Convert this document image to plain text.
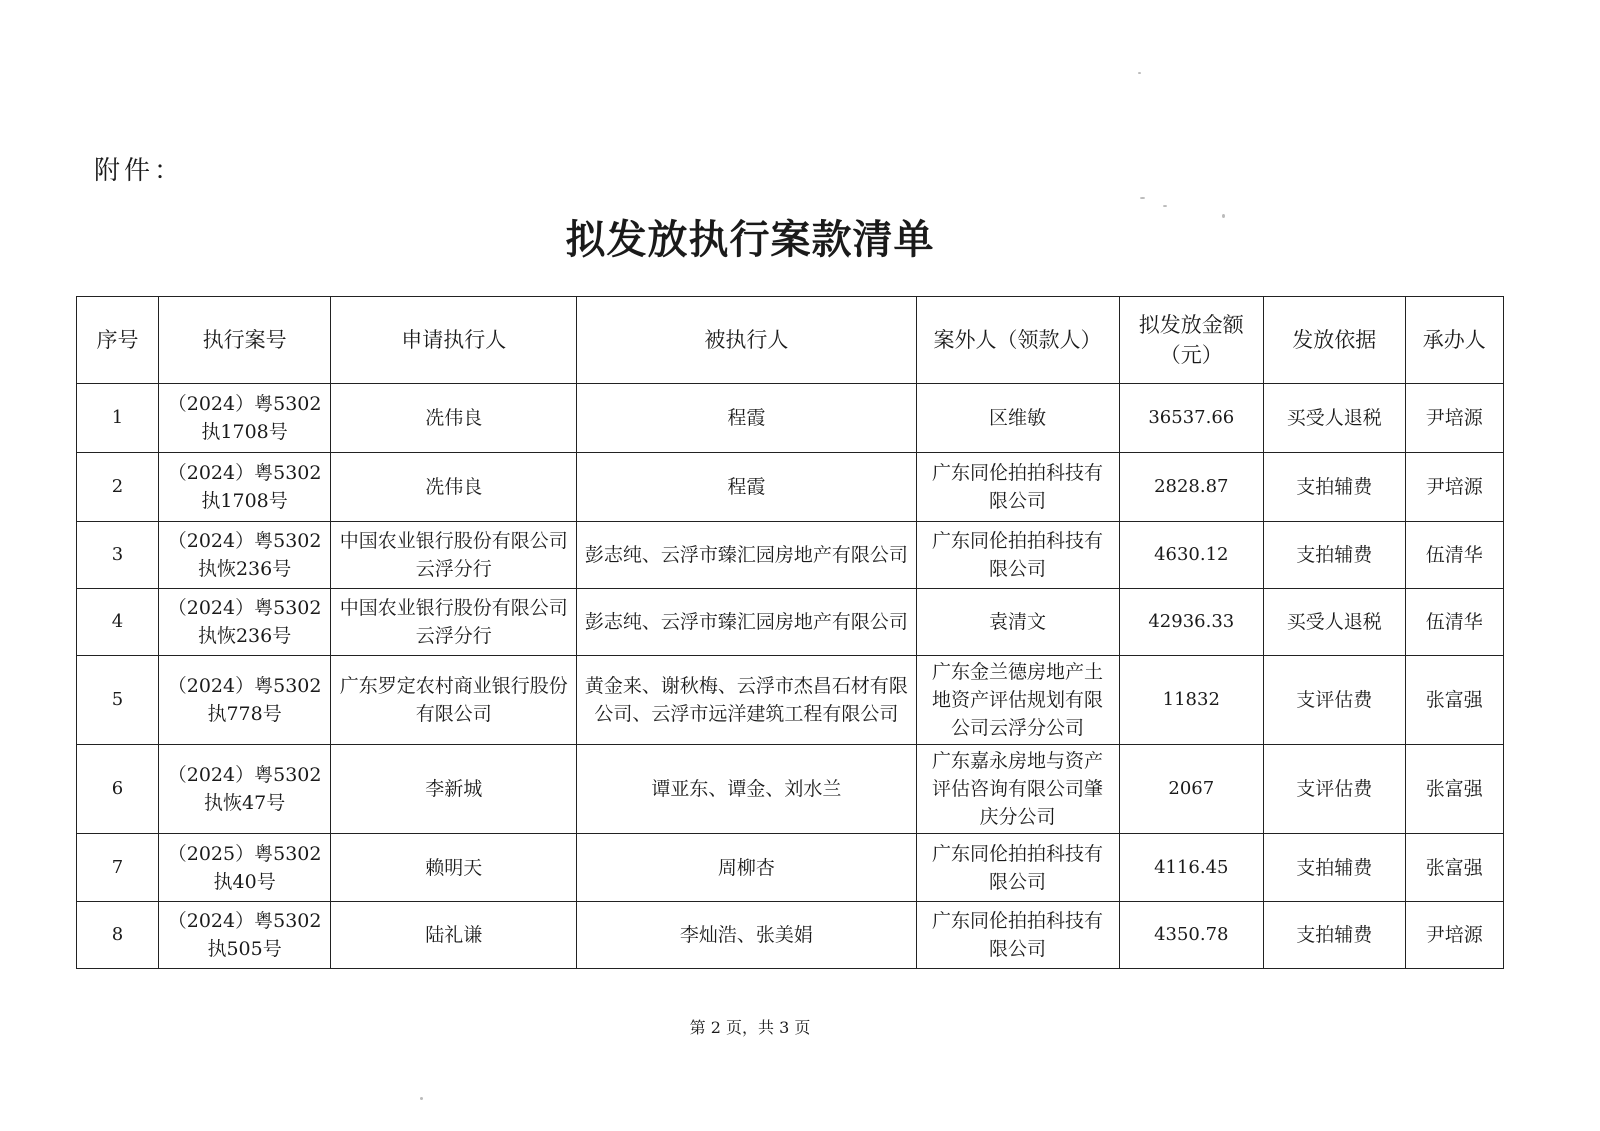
附件：
拟发放执行案款清单
序号	执行案号	申请执行人	被执行人	案外人（领款人）	拟发放金额（元）	发放依据	承办人
1	（2024）粤5302执1708号	冼伟良	程霞	区维敏	36537.66	买受人退税	尹培源
2	（2024）粤5302执1708号	冼伟良	程霞	广东同伦拍拍科技有限公司	2828.87	支拍辅费	尹培源
3	（2024）粤5302执恢236号	中国农业银行股份有限公司云浮分行	彭志纯、云浮市臻汇园房地产有限公司	广东同伦拍拍科技有限公司	4630.12	支拍辅费	伍清华
4	（2024）粤5302执恢236号	中国农业银行股份有限公司云浮分行	彭志纯、云浮市臻汇园房地产有限公司	袁清文	42936.33	买受人退税	伍清华
5	（2024）粤5302执778号	广东罗定农村商业银行股份有限公司	黄金来、谢秋梅、云浮市杰昌石材有限公司、云浮市远洋建筑工程有限公司	广东金兰德房地产土地资产评估规划有限公司云浮分公司	11832	支评估费	张富强
6	（2024）粤5302执恢47号	李新城	谭亚东、谭金、刘水兰	广东嘉永房地与资产评估咨询有限公司肇庆分公司	2067	支评估费	张富强
7	（2025）粤5302执40号	赖明天	周柳杏	广东同伦拍拍科技有限公司	4116.45	支拍辅费	张富强
8	（2024）粤5302执505号	陆礼谦	李灿浩、张美娟	广东同伦拍拍科技有限公司	4350.78	支拍辅费	尹培源
第 2 页，共 3 页
